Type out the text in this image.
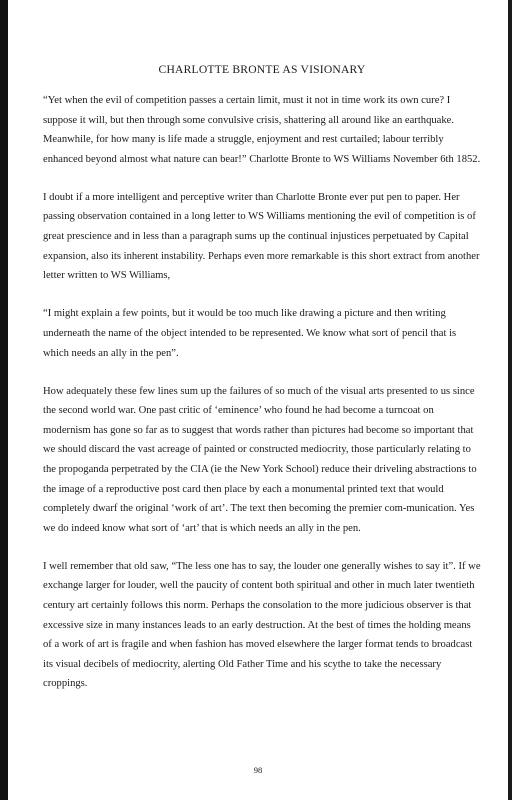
CHARLOTTE BRONTE AS VISIONARY

“Yet when the evil of competition passes a certain limit, must it not in time work its own cure? I suppose it will, but then through some convulsive crisis, shattering all around like an earthquake. Meanwhile, for how many is life made a struggle, enjoyment and rest curtailed; labour terribly enhanced beyond almost what nature can bear!” Charlotte Bronte to WS Williams November 6th 1852.

I doubt if a more intelligent and perceptive writer than Charlotte Bronte ever put pen to paper. Her passing observation contained in a long letter to WS Williams mentioning the evil of competition is of great prescience and in less than a paragraph sums up the continual injustices perpetuated by Capital expansion, also its inherent instability. Perhaps even more remarkable is this short extract from another letter written to WS Williams,

“I might explain a few points, but it would be too much like drawing a picture and then writing underneath the name of the object intended to be represented. We know what sort of pencil that is which needs an ally in the pen”.

How adequately these few lines sum up the failures of so much of the visual arts presented to us since the second world war. One past critic of ‘eminence’ who found he had become a turncoat on modernism has gone so far as to suggest that words rather than pictures had become so important that we should discard the vast acreage of painted or constructed mediocrity, those particularly relating to the propoganda perpetrated by the CIA (ie the New York School) reduce their driveling abstractions to the image of a reproductive post card then place by each a monumental printed text that would completely dwarf the original ‘work of art’. The text then becoming the premier com-munication. Yes we do indeed know what sort of ‘art’ that is which needs an ally in the pen.

I well remember that old saw, “The less one has to say, the louder one generally wishes to say it”. If we exchange larger for louder, well the paucity of content both spiritual and other in much later twentieth century art certainly follows this norm. Perhaps the consolation to the more judicious observer is that excessive size in many instances leads to an early destruction. At the best of times the holding means of a work of art is fragile and when fashion has moved elsewhere the larger format tends to broadcast its visual decibels of mediocrity, alerting Old Father Time and his scythe to take the necessary croppings.

98
